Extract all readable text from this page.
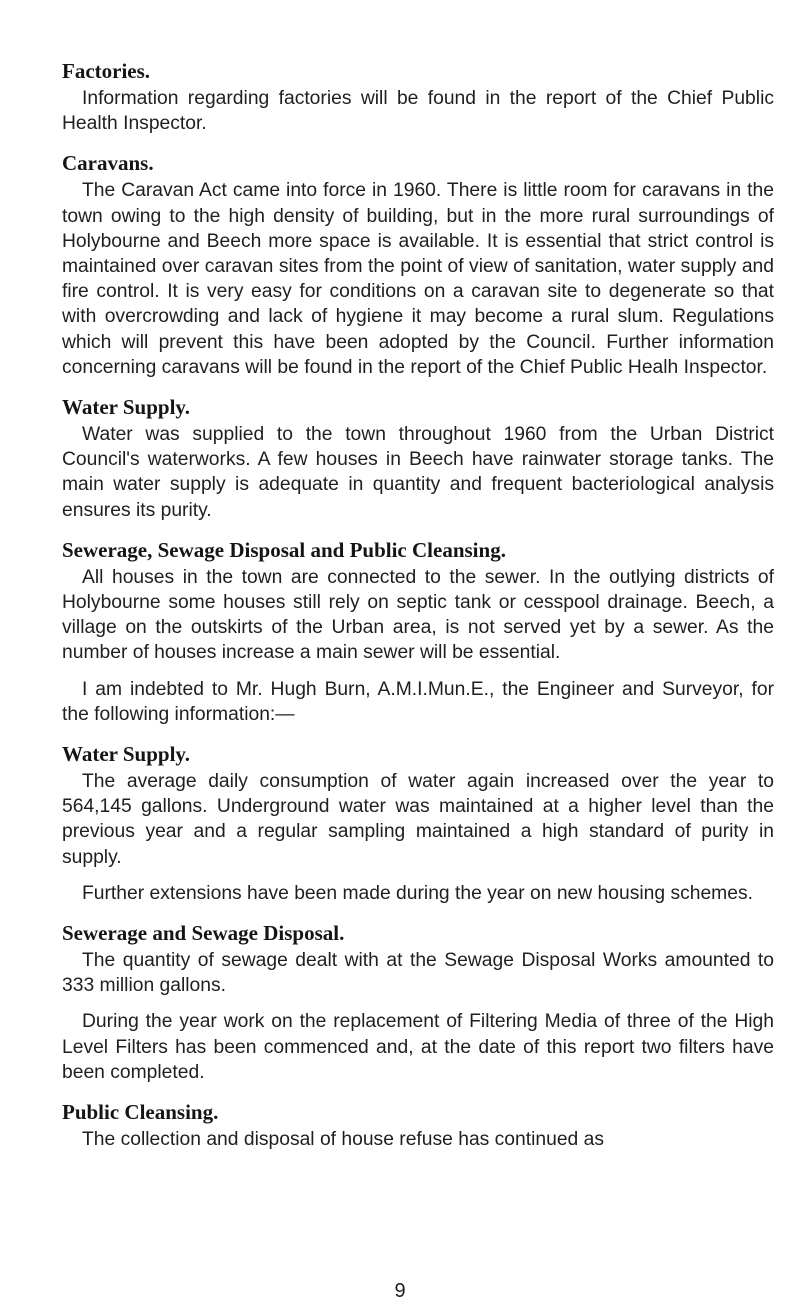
Factories.

Information regarding factories will be found in the report of the Chief Public Health Inspector.

Caravans.

The Caravan Act came into force in 1960. There is little room for caravans in the town owing to the high density of building, but in the more rural surroundings of Holybourne and Beech more space is available. It is essential that strict control is maintained over caravan sites from the point of view of sanitation, water supply and fire control. It is very easy for conditions on a caravan site to degenerate so that with overcrowding and lack of hygiene it may become a rural slum. Regulations which will prevent this have been adopted by the Council. Further information concerning caravans will be found in the report of the Chief Public Healh Inspector.

Water Supply.

Water was supplied to the town throughout 1960 from the Urban District Council's waterworks. A few houses in Beech have rainwater storage tanks. The main water supply is adequate in quantity and frequent bacteriological analysis ensures its purity.

Sewerage, Sewage Disposal and Public Cleansing.

All houses in the town are connected to the sewer. In the outlying districts of Holybourne some houses still rely on septic tank or cesspool drainage. Beech, a village on the outskirts of the Urban area, is not served yet by a sewer. As the number of houses increase a main sewer will be essential.

I am indebted to Mr. Hugh Burn, A.M.I.Mun.E., the Engineer and Surveyor, for the following information:—

Water Supply.

The average daily consumption of water again increased over the year to 564,145 gallons. Underground water was maintained at a higher level than the previous year and a regular sampling maintained a high standard of purity in supply.

Further extensions have been made during the year on new housing schemes.

Sewerage and Sewage Disposal.

The quantity of sewage dealt with at the Sewage Disposal Works amounted to 333 million gallons.

During the year work on the replacement of Filtering Media of three of the High Level Filters has been commenced and, at the date of this report two filters have been completed.

Public Cleansing.

The collection and disposal of house refuse has continued as

9
